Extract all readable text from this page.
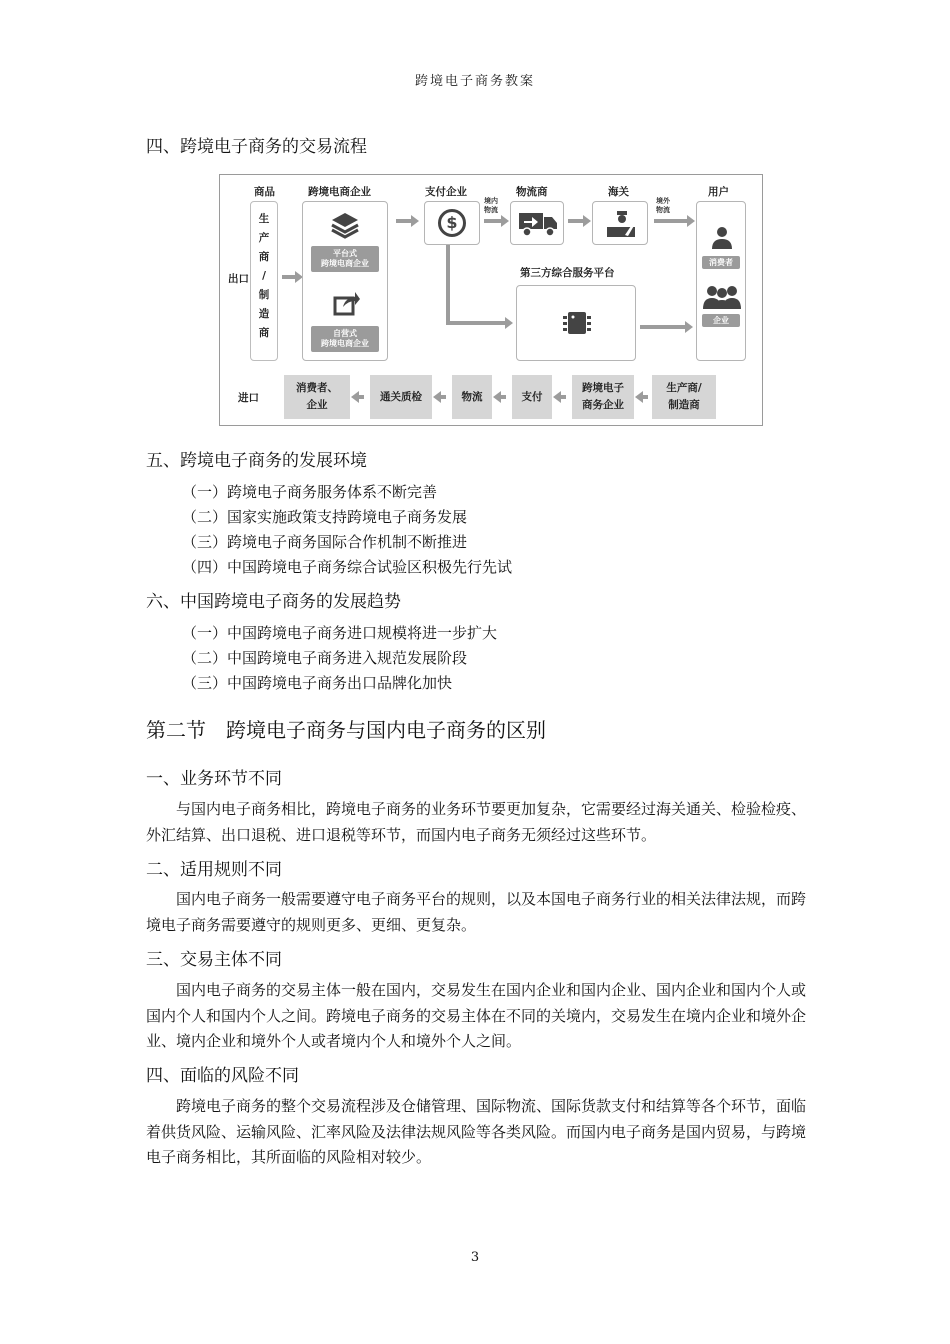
跨境电子商务教案
四、跨境电子商务的交易流程
商品	跨境电商企业	支付企业	物流商	海关	用户
出口
生
产
商
/
制
造
商
平台式
跨境电商企业
自营式
跨境电商企业
$
境内
物流
境外
物流
消费者
企业
第三方综合服务平台
进口
消费者、
企业
通关质检	物流	支付
跨境电子
商务企业
生产商/
制造商
五、跨境电子商务的发展环境
（一）跨境电子商务服务体系不断完善
（二）国家实施政策支持跨境电子商务发展
（三）跨境电子商务国际合作机制不断推进
（四）中国跨境电子商务综合试验区积极先行先试
六、中国跨境电子商务的发展趋势
（一）中国跨境电子商务进口规模将进一步扩大
（二）中国跨境电子商务进入规范发展阶段
（三）中国跨境电子商务出口品牌化加快
第二节　跨境电子商务与国内电子商务的区别
一、业务环节不同
与国内电子商务相比，跨境电子商务的业务环节要更加复杂，它需要经过海关通关、检验检疫、外汇结算、出口退税、进口退税等环节，而国内电子商务无须经过这些环节。
二、适用规则不同
国内电子商务一般需要遵守电子商务平台的规则，以及本国电子商务行业的相关法律法规，而跨境电子商务需要遵守的规则更多、更细、更复杂。
三、交易主体不同
国内电子商务的交易主体一般在国内，交易发生在国内企业和国内企业、国内企业和国内个人或国内个人和国内个人之间。跨境电子商务的交易主体在不同的关境内，交易发生在境内企业和境外企业、境内企业和境外个人或者境内个人和境外个人之间。
四、面临的风险不同
跨境电子商务的整个交易流程涉及仓储管理、国际物流、国际货款支付和结算等各个环节，面临着供货风险、运输风险、汇率风险及法律法规风险等各类风险。而国内电子商务是国内贸易，与跨境电子商务相比，其所面临的风险相对较少。
3
